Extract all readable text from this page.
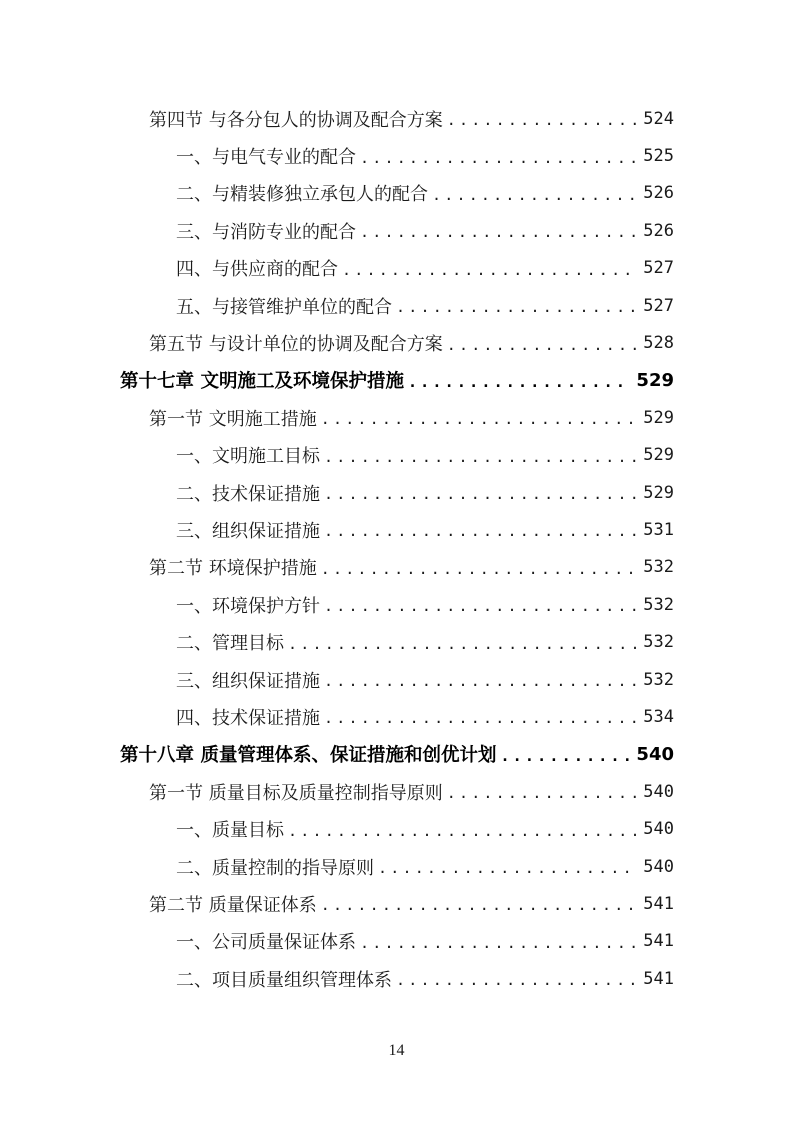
第四节 与各分包人的协调及配合方案 .....	524
一、与电气专业的配合 .....	525
二、与精装修独立承包人的配合 .....	526
三、与消防专业的配合 .....	526
四、与供应商的配合 .....	527
五、与接管维护单位的配合 .....	527
第五节 与设计单位的协调及配合方案 .....	528
第十七章 文明施工及环境保护措施 .....	529
第一节 文明施工措施 .....	529
一、文明施工目标 .....	529
二、技术保证措施 .....	529
三、组织保证措施 .....	531
第二节 环境保护措施 .....	532
一、环境保护方针 .....	532
二、管理目标 .....	532
三、组织保证措施 .....	532
四、技术保证措施 .....	534
第十八章 质量管理体系、保证措施和创优计划 .....	540
第一节 质量目标及质量控制指导原则 .....	540
一、质量目标 .....	540
二、质量控制的指导原则 .....	540
第二节 质量保证体系 .....	541
一、公司质量保证体系 .....	541
二、项目质量组织管理体系 .....	541
14
